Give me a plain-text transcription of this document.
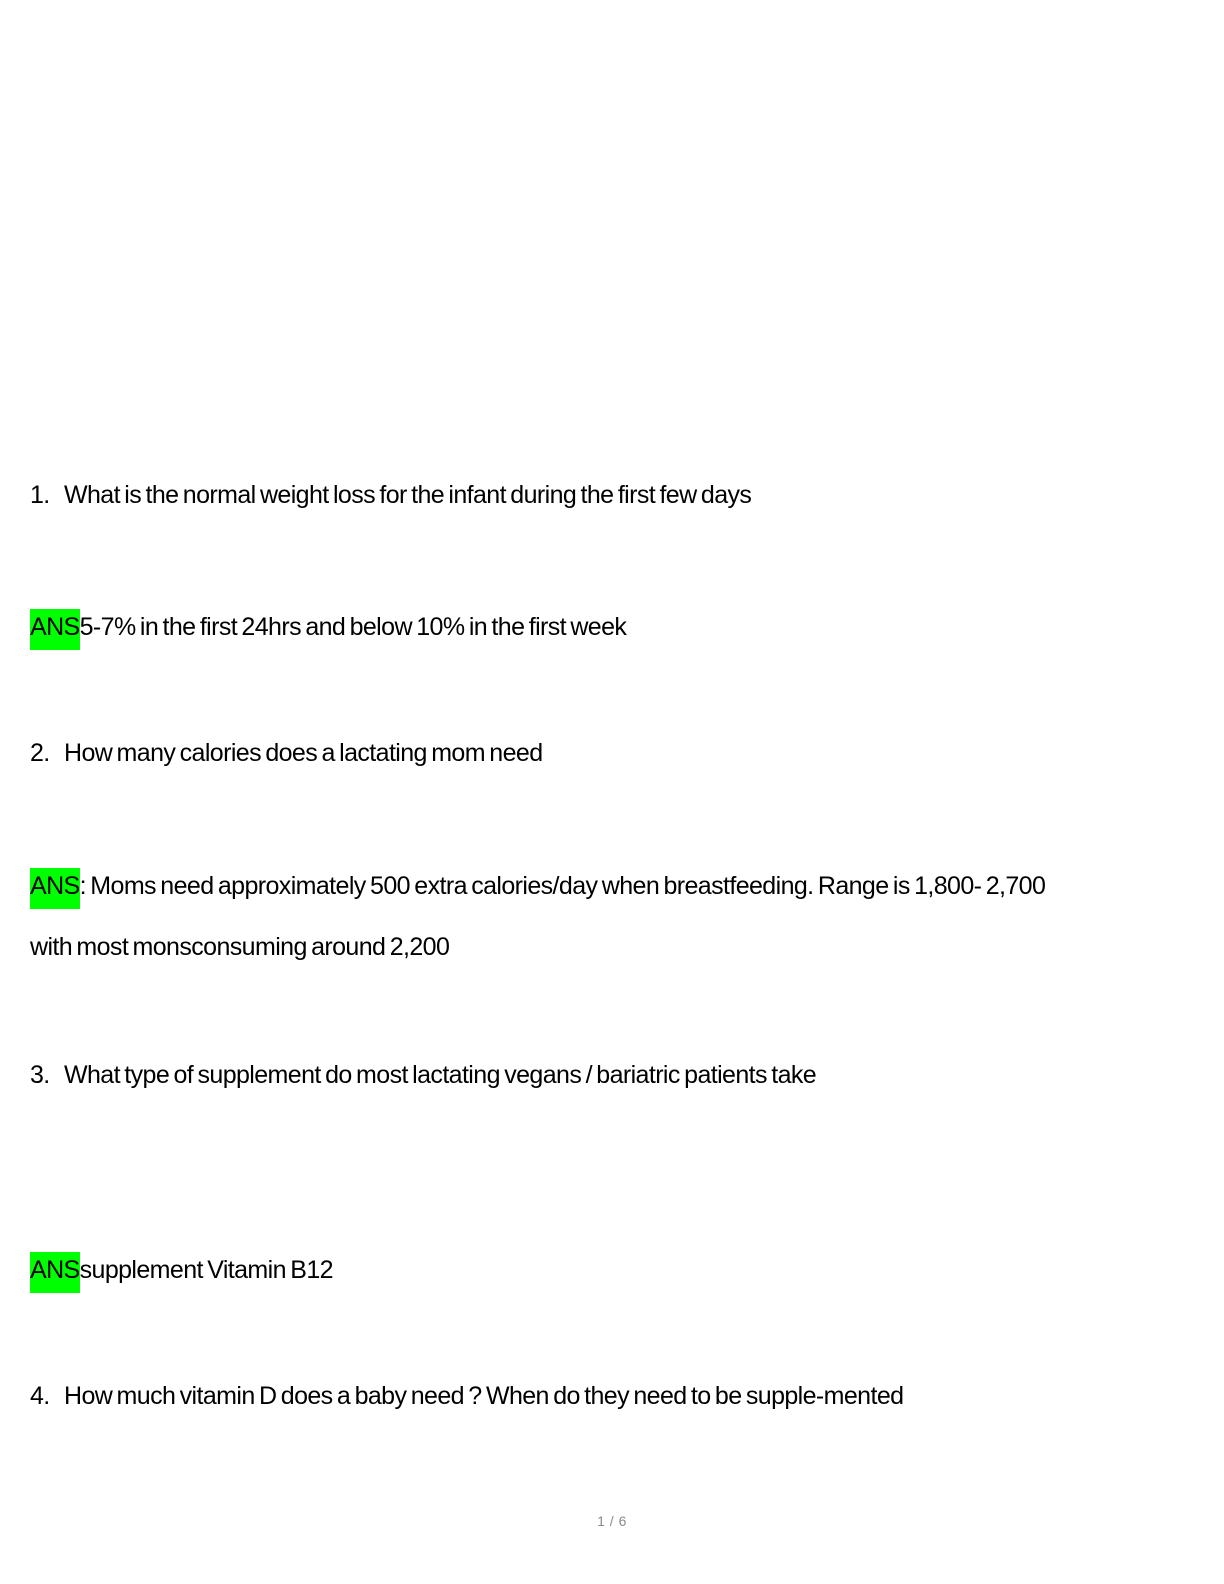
1. What is the normal weight loss for the infant during the first few days
ANS5-7% in the first 24hrs and below 10% in the first week
2. How many calories does a lactating mom need
ANS: Moms need approximately 500 extra calories/day when breastfeeding. Range is 1,800- 2,700
with most monsconsuming around 2,200
3. What type of supplement do most lactating vegans / bariatric patients take
ANSsupplement Vitamin B12
4. How much vitamin D does a baby need ? When do they need to be supple-mented
1 / 6
